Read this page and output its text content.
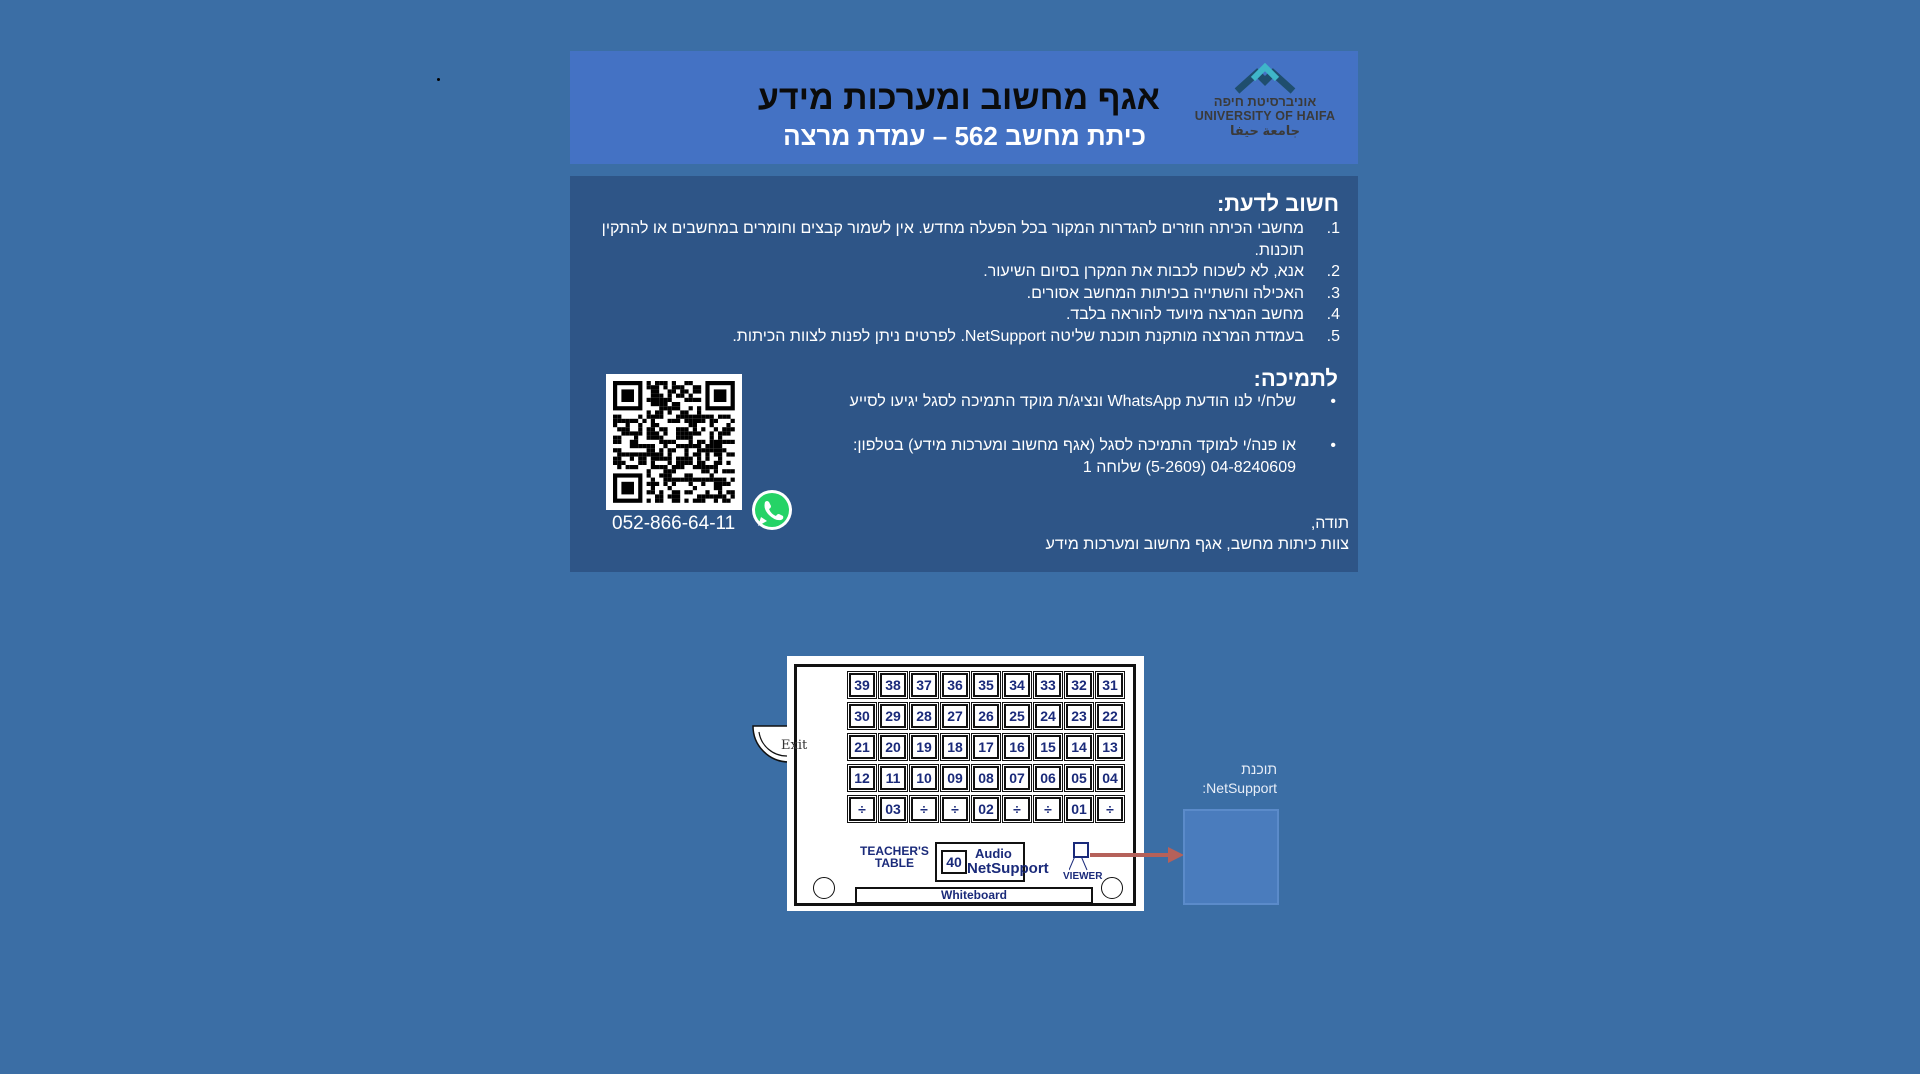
אגף מחשוב ומערכות מידע
כיתת מחשב 562 – עמדת מרצה
אוניברסיטת חיפה
UNIVERSITY OF HAIFA
جامعة حيفا
חשוב לדעת:
1.
מחשבי הכיתה חוזרים להגדרות המקור בכל הפעלה מחדש. אין לשמור קבצים וחומרים במחשבים או להתקין תוכנות.
2.
אנא, לא לשכוח לכבות את המקרן בסיום השיעור.
3.
האכילה והשתייה בכיתות המחשב אסורים.
4.
מחשב המרצה מיועד להוראה בלבד.
5.
בעמדת המרצה מותקנת תוכנת שליטה NetSupport. לפרטים ניתן לפנות לצוות הכיתות.
לתמיכה:
•
שלח/י לנו הודעת WhatsApp ונציג/ת מוקד התמיכה לסגל יגיעו לסייע
•
או פנה/י למוקד התמיכה לסגל (אגף מחשוב ומערכות מידע) בטלפון: 04-8240609 (5-2609) שלוחה 1
052-866-64-11	תודה,
צוות כיתות מחשב, אגף מחשוב ומערכות מידע
TEACHER'S
TABLE	40
Audio
NetSupport VIEWER
Whiteboard
39	38	37	36	35	34	33	32	31
30	29	28	27	26	25	24	23	22
21	20	19	18	17	16	15	14	13
12	11	10	09	08	07	06	05	04
÷	03	÷	÷	02	÷	÷	01	÷
Exit
תוכנת
NetSupport:
